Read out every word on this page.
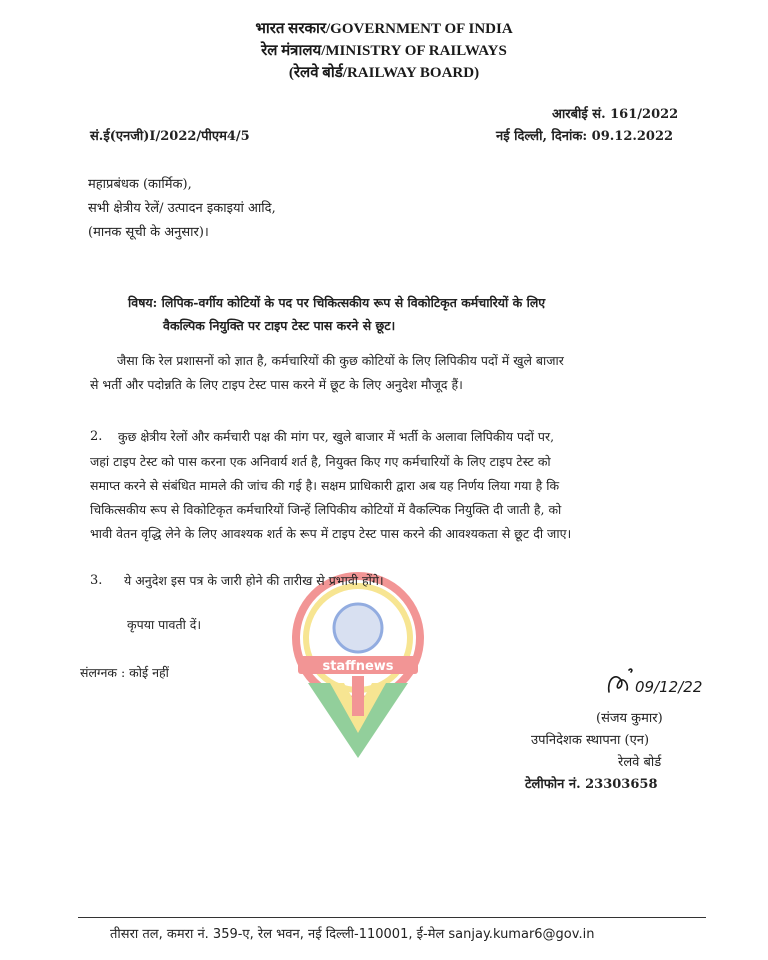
भारत सरकार/GOVERNMENT OF INDIA
रेल मंत्रालय/MINISTRY OF RAILWAYS
(रेलवे बोर्ड/RAILWAY BOARD)
आरबीई सं. 161/2022
सं.ई(एनजी)I/2022/पीएम4/5	नई दिल्ली, दिनांक: 09.12.2022
महाप्रबंधक (कार्मिक),
सभी क्षेत्रीय रेलें/ उत्पादन इकाइयां आदि,
(मानक सूची के अनुसार)।
विषय: लिपिक-वर्गीय कोटियों के पद पर चिकित्सकीय रूप से विकोटिकृत कर्मचारियों के लिए
वैकल्पिक नियुक्ति पर टाइप टेस्ट पास करने से छूट।
जैसा कि रेल प्रशासनों को ज्ञात है, कर्मचारियों की कुछ कोटियों के लिए लिपिकीय पदों में खुले बाजार
से भर्ती और पदोन्नति के लिए टाइप टेस्ट पास करने में छूट के लिए अनुदेश मौजूद हैं।
2. कुछ क्षेत्रीय रेलों और कर्मचारी पक्ष की मांग पर, खुले बाजार में भर्ती के अलावा लिपिकीय पदों पर,
जहां टाइप टेस्ट को पास करना एक अनिवार्य शर्त है, नियुक्त किए गए कर्मचारियों के लिए टाइप टेस्ट को
समाप्त करने से संबंधित मामले की जांच की गई है। सक्षम प्राधिकारी द्वारा अब यह निर्णय लिया गया है कि
चिकित्सकीय रूप से विकोटिकृत कर्मचारियों जिन्हें लिपिकीय कोटियों में वैकल्पिक नियुक्ति दी जाती है, को
भावी वेतन वृद्धि लेने के लिए आवश्यक शर्त के रूप में टाइप टेस्ट पास करने की आवश्यकता से छूट दी जाए।
staffnews
3. ये अनुदेश इस पत्र के जारी होने की तारीख से प्रभावी होंगे।
कृपया पावती दें।
संलग्नक : कोई नहीं
09/12/22
(संजय कुमार)
उपनिदेशक स्थापना (एन)
रेलवे बोर्ड
टेलीफोन नं. 23303658
तीसरा तल, कमरा नं. 359-ए, रेल भवन, नई दिल्ली-110001, ई-मेल sanjay.kumar6@gov.in
